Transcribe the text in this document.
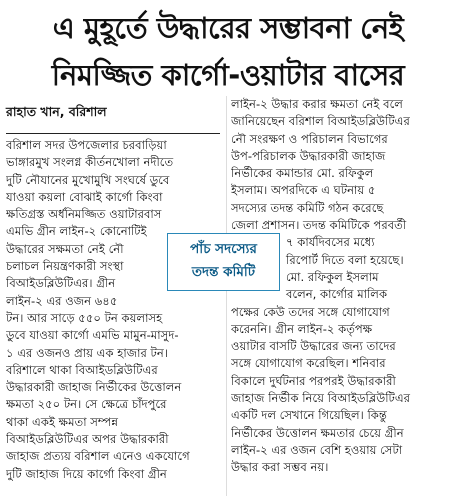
এ মুহূর্তে উদ্ধারের সম্ভাবনা নেই
নিমজ্জিত কার্গো-ওয়াটার বাসের
রাহাত খান, বরিশাল
বরিশাল সদর উপজেলার চরবাড়িয়া
ভাঙ্গারমুখ সংলগ্ন কীর্তনখোলা নদীতে
দুটি নৌযানের মুখোমুখি সংঘর্ষে ডুবে
যাওয়া কয়লা বোঝাই কার্গো কিংবা
ক্ষতিগ্রস্ত অর্ধনিমজ্জিত ওয়াটারবাস
এমভি গ্রীন লাইন-২ কোনোটিই
উদ্ধারের সক্ষমতা নেই নৌ
চলাচল নিয়ন্ত্রণকারী সংস্থা
বিআইডব্লিউটিএর। গ্রীন
লাইন-২ এর ওজন ৬৪৫
টন। আর সাড়ে ৫৫০ টন কয়লাসহ
ডুবে যাওয়া কার্গো এমভি মামুন-মাসুদ-
১ এর ওজনও প্রায় এক হাজার টন।
বরিশালে থাকা বিআইডব্লিউটিএর
উদ্ধারকারী জাহাজ নির্ভীকের উত্তোলন
ক্ষমতা ২৫০ টন। সে ক্ষেত্রে চাঁদপুরে
থাকা একই ক্ষমতা সম্পন্ন
বিআইডব্লিউটিএর অপর উদ্ধারকারী
জাহাজ প্রত্যয় বরিশাল এনেও একযোগে
দুটি জাহাজ দিয়ে কার্গো কিংবা গ্রীন
লাইন-২ উদ্ধার করার ক্ষমতা নেই বলে
জানিয়েছেন বরিশাল বিআইডব্লিউটিএর
নৌ সংরক্ষণ ও পরিচালন বিভাগের
উপ-পরিচালক উদ্ধারকারী জাহাজ
নির্ভীকের কমান্ডার মো. রফিকুল
ইসলাম। অপরদিকে এ ঘটনায় ৫
সদস্যের তদন্ত কমিটি গঠন করেছে
জেলা প্রশাসন। তদন্ত কমিটিকে পরবর্তী
৭ কার্যদিবসের মধ্যে
রিপোর্ট দিতে বলা হয়েছে।
মো. রফিকুল ইসলাম
বলেন, কার্গোর মালিক
পক্ষের কেউ তদের সঙ্গে যোগাযোগ
করেননি। গ্রীন লাইন-২ কর্তৃপক্ষ
ওয়াটার বাসটি উদ্ধারের জন্য তাদের
সঙ্গে যোগাযোগ করেছিল। শনিবার
বিকালে দুর্ঘটনার পরপরই উদ্ধারকারী
জাহাজ নির্ভীক নিয়ে বিআইডব্লিউটিএর
একটি দল সেখানে গিয়েছিল। কিন্তু
নির্ভীকের উত্তোলন ক্ষমতার চেয়ে গ্রীন
লাইন-২ এর ওজন বেশি হওয়ায় সেটা
উদ্ধার করা সম্ভব নয়।
পাঁচ সদস্যের
তদন্ত কমিটি
